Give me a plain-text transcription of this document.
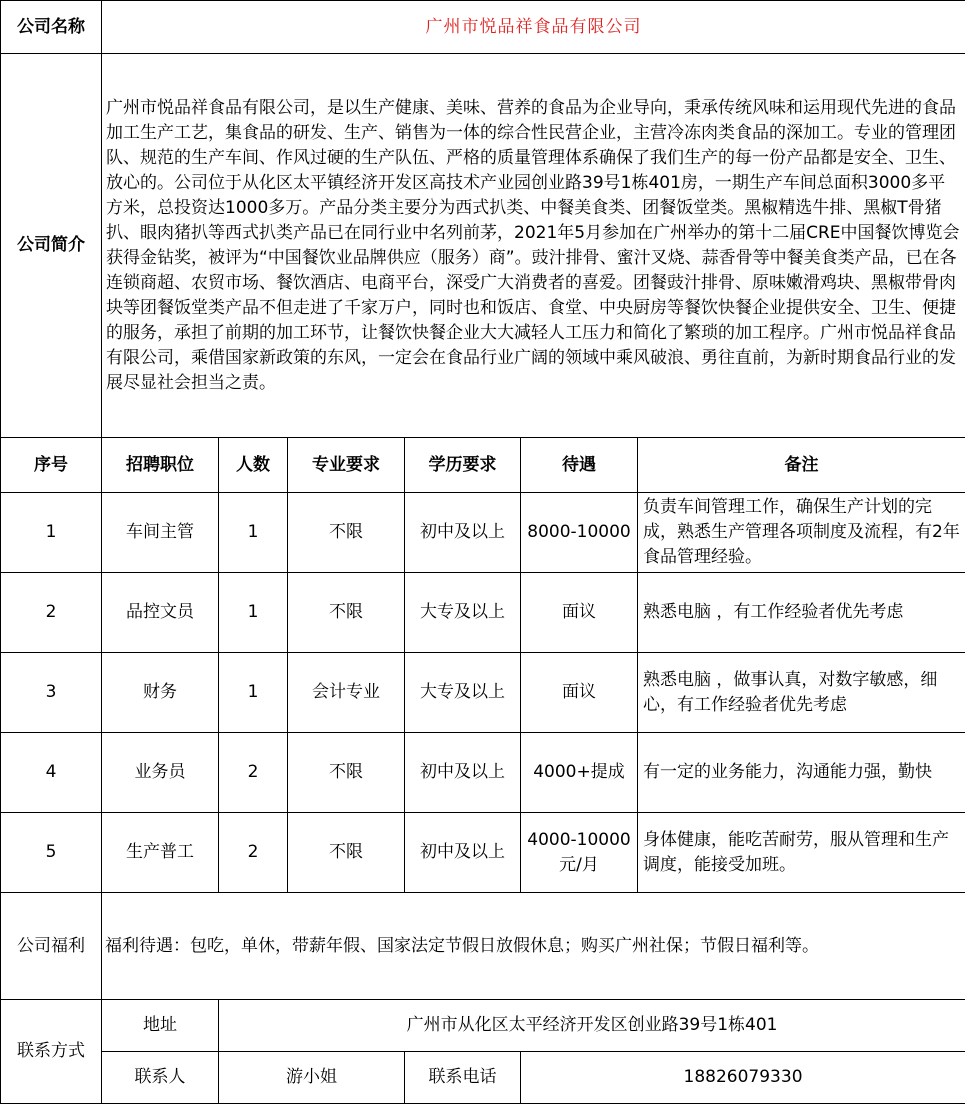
公司名称	广州市悦品祥食品有限公司					
公司简介	广州市悦品祥食品有限公司，是以生产健康、美味、营养的食品为企业导向，秉承传统风味和运用现代先进的食品加工生产工艺，集食品的研发、生产、销售为一体的综合性民营企业，主营冷冻肉类食品的深加工。专业的管理团队、规范的生产车间、作风过硬的生产队伍、严格的质量管理体系确保了我们生产的每一份产品都是安全、卫生、放心的。公司位于从化区太平镇经济开发区高技术产业园创业路39号1栋401房，一期生产车间总面积3000多平方米，总投资达1000多万。产品分类主要分为西式扒类、中餐美食类、团餐饭堂类。黑椒精选牛排、黑椒T骨猪扒、眼肉猪扒等西式扒类产品已在同行业中名列前茅，2021年5月参加在广州举办的第十二届CRE中国餐饮博览会获得金钻奖，被评为“中国餐饮业品牌供应（服务）商”。豉汁排骨、蜜汁叉烧、蒜香骨等中餐美食类产品，已在各连锁商超、农贸市场、餐饮酒店、电商平台，深受广大消费者的喜爱。团餐豉汁排骨、原味嫩滑鸡块、黑椒带骨肉块等团餐饭堂类产品不但走进了千家万户，同时也和饭店、食堂、中央厨房等餐饮快餐企业提供安全、卫生、便捷的服务，承担了前期的加工环节，让餐饮快餐企业大大减轻人工压力和简化了繁琐的加工程序。广州市悦品祥食品有限公司，乘借国家新政策的东风，一定会在食品行业广阔的领域中乘风破浪、勇往直前，为新时期食品行业的发展尽显社会担当之责。					
序号	招聘职位	人数	专业要求	学历要求	待遇	备注
1	车间主管	1	不限	初中及以上	8000-10000	负责车间管理工作，确保生产计划的完成，熟悉生产管理各项制度及流程，有2年食品管理经验。
2	品控文员	1	不限	大专及以上	面议	熟悉电脑 ，有工作经验者优先考虑
3	财务	1	会计专业	大专及以上	面议	熟悉电脑 ，做事认真，对数字敏感，细心，有工作经验者优先考虑
4	业务员	2	不限	初中及以上	4000+提成	有一定的业务能力，沟通能力强，勤快
5	生产普工	2	不限	初中及以上	4000-10000元/月	身体健康，能吃苦耐劳，服从管理和生产调度，能接受加班。
公司福利	福利待遇：包吃，单休，带薪年假、国家法定节假日放假休息；购买广州社保；节假日福利等。					
联系方式	地址	广州市从化区太平经济开发区创业路39号1栋401				
	联系人	游小姐		联系电话	18826079330	
